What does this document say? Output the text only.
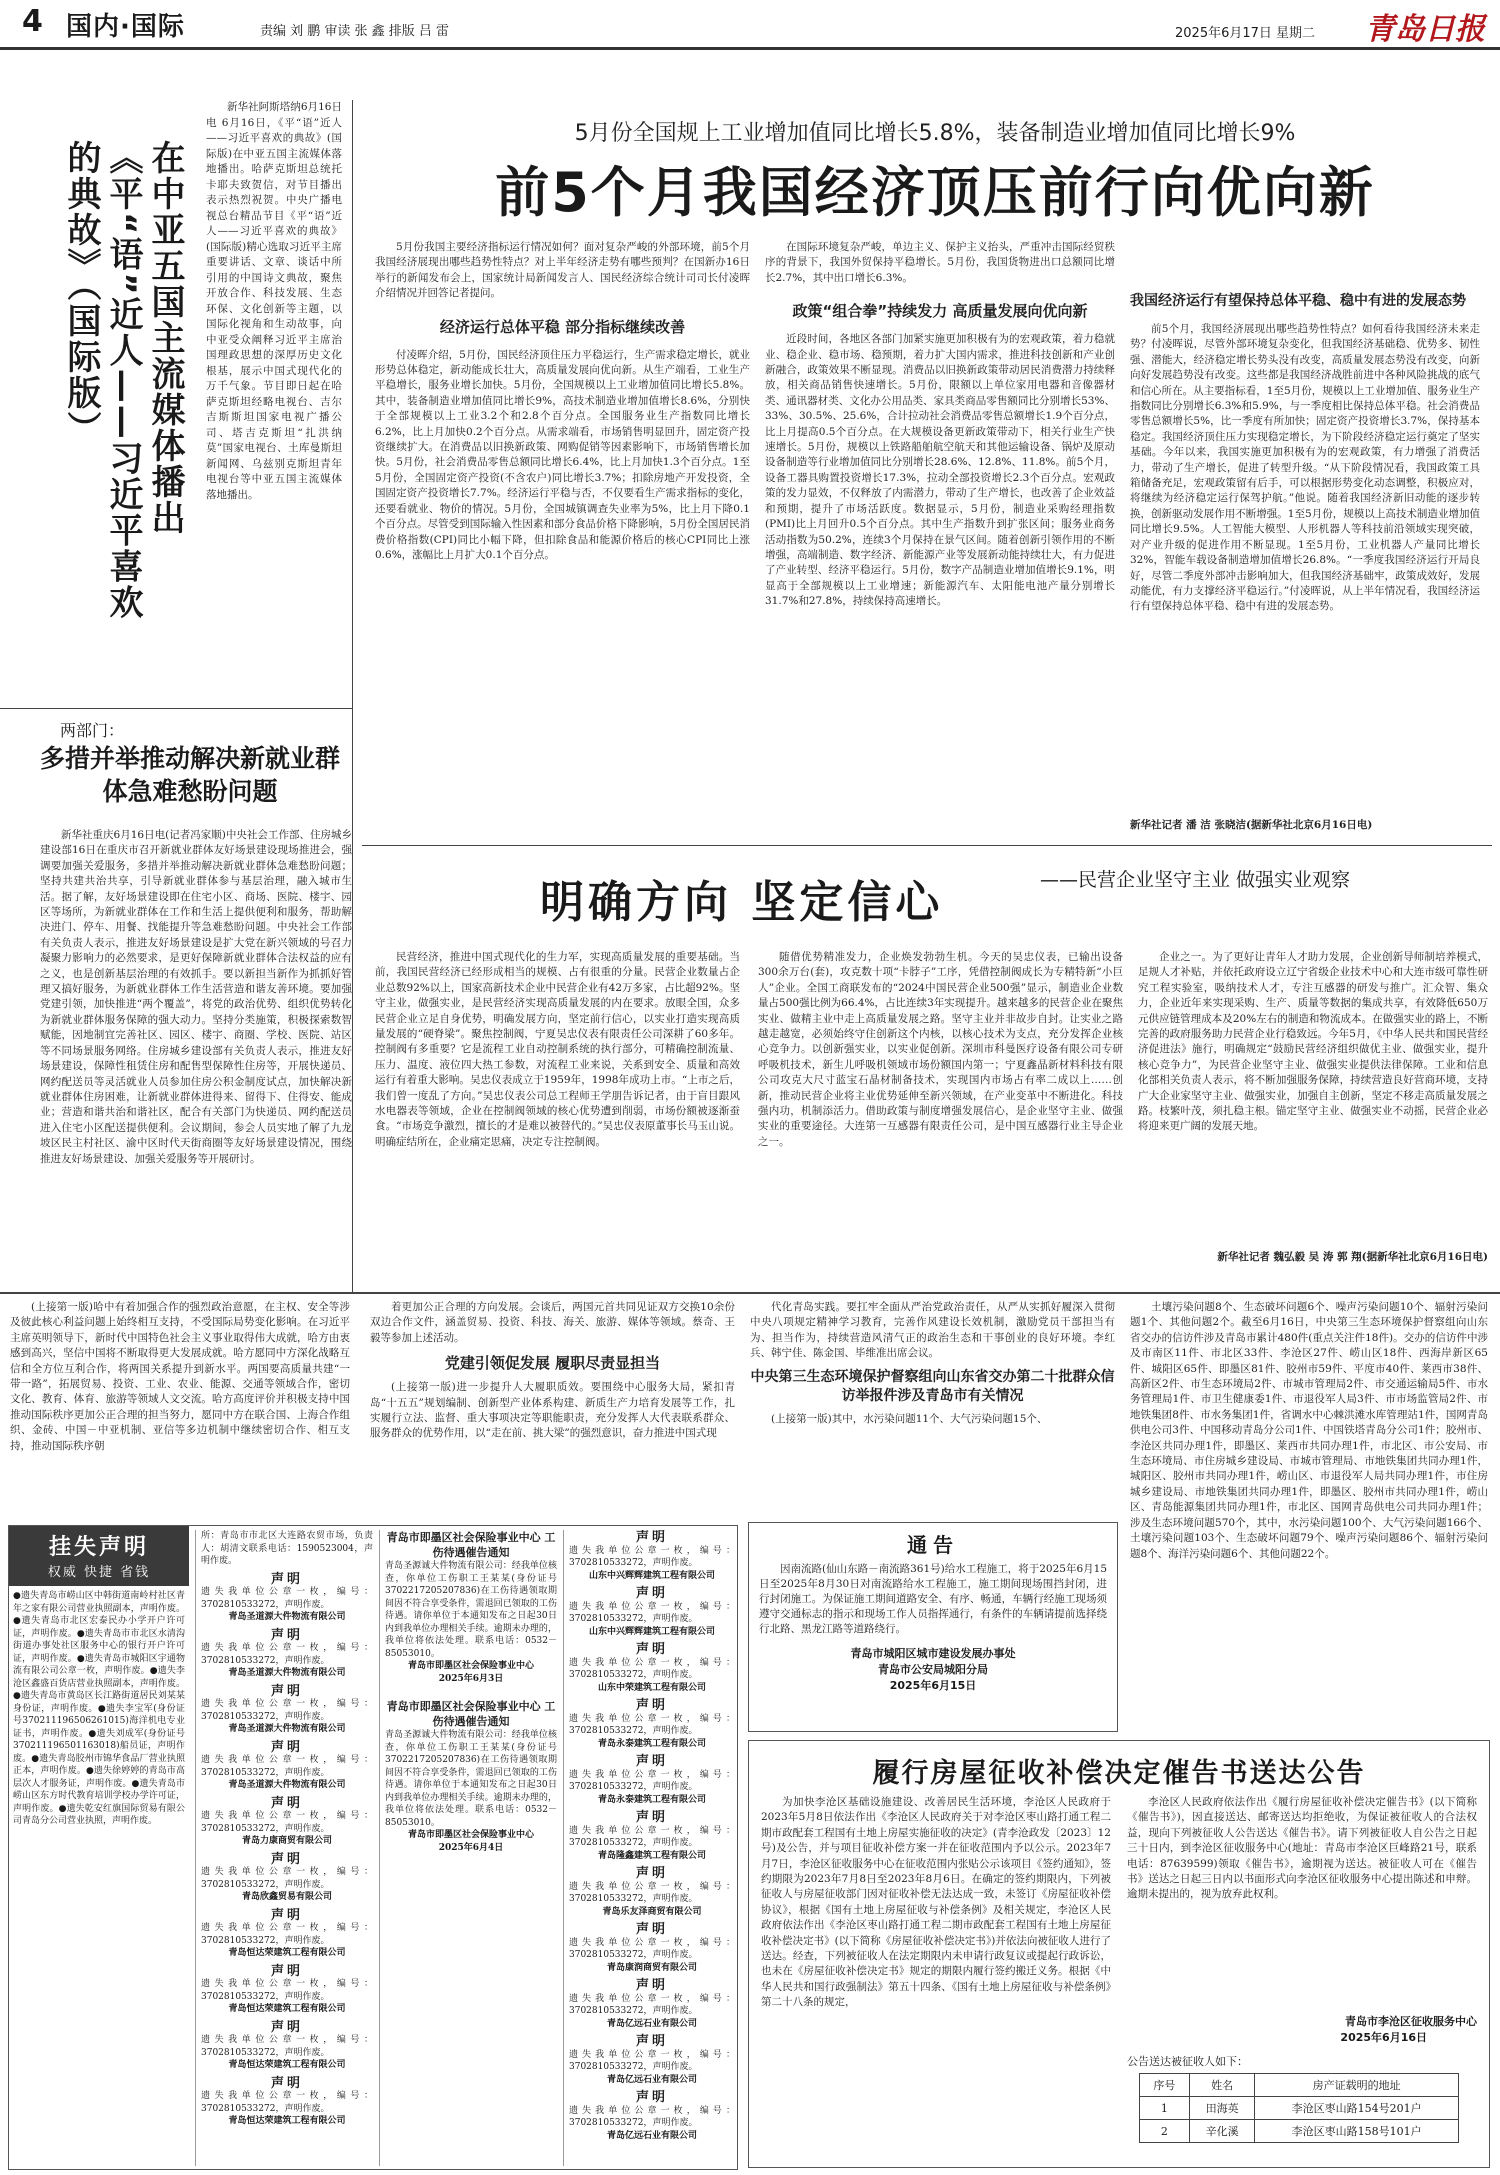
4 国内·国际	责编 刘 鹏 审读 张 鑫 排版 吕 雷	2025年6月17日 星期二 青岛日报
在中亚五国主流媒体播出《平“语”近人——习近平喜欢的典故》（国际版）

新华社阿斯塔纳6月16日电 6月16日，《平“语”近人——习近平喜欢的典故》(国际版)在中亚五国主流媒体落地播出。哈萨克斯坦总统托卡耶夫致贺信，对节目播出表示热烈祝贺。中央广播电视总台精品节目《平“语”近人——习近平喜欢的典故》(国际版)精心选取习近平主席重要讲话、文章、谈话中所引用的中国诗文典故，聚焦开放合作、科技发展、生态环保、文化创新等主题，以国际化视角和生动故事，向中亚受众阐释习近平主席治国理政思想的深厚历史文化根基，展示中国式现代化的万千气象。节目即日起在哈萨克斯坦经略电视台、吉尔吉斯斯坦国家电视广播公司、塔吉克斯坦“扎洪纳莫”国家电视台、土库曼斯坦新闻网、乌兹别克斯坦青年电视台等中亚五国主流媒体落地播出。

5月份全国规上工业增加值同比增长5.8%，装备制造业增加值同比增长9%
前5个月我国经济顶压前行向优向新

5月份我国主要经济指标运行情况如何？面对复杂严峻的外部环境，前5个月我国经济展现出哪些趋势性特点？对上半年经济走势有哪些预判？在国新办16日举行的新闻发布会上，国家统计局新闻发言人、国民经济综合统计司司长付凌晖介绍情况并回答记者提问。

经济运行总体平稳 部分指标继续改善

付凌晖介绍，5月份，国民经济顶住压力平稳运行，生产需求稳定增长，就业形势总体稳定，新动能成长壮大，高质量发展向优向新。从生产端看，工业生产平稳增长，服务业增长加快。5月份，全国规模以上工业增加值同比增长5.8%。其中，装备制造业增加值同比增长9%，高技术制造业增加值增长8.6%，分别快于全部规模以上工业3.2个和2.8个百分点。全国服务业生产指数同比增长6.2%，比上月加快0.2个百分点。从需求端看，市场销售明显回升，固定资产投资继续扩大。在消费品以旧换新政策、网购促销等因素影响下，市场销售增长加快。5月份，社会消费品零售总额同比增长6.4%，比上月加快1.3个百分点。1至5月份，全国固定资产投资(不含农户)同比增长3.7%；扣除房地产开发投资，全国固定资产投资增长7.7%。经济运行平稳与否，不仅要看生产需求指标的变化，还要看就业、物价的情况。5月份，全国城镇调查失业率为5%，比上月下降0.1个百分点。尽管受到国际输入性因素和部分食品价格下降影响，5月份全国居民消费价格指数(CPI)同比小幅下降，但扣除食品和能源价格后的核心CPI同比上涨0.6%，涨幅比上月扩大0.1个百分点。

在国际环境复杂严峻，单边主义、保护主义抬头，严重冲击国际经贸秩序的背景下，我国外贸保持平稳增长。5月份，我国货物进出口总额同比增长2.7%，其中出口增长6.3%。

政策“组合拳”持续发力 高质量发展向优向新

近段时间，各地区各部门加紧实施更加积极有为的宏观政策，着力稳就业、稳企业、稳市场、稳预期，着力扩大国内需求，推进科技创新和产业创新融合，政策效果不断显现。消费品以旧换新政策带动居民消费潜力持续释放，相关商品销售快速增长。5月份，限额以上单位家用电器和音像器材类、通讯器材类、文化办公用品类、家具类商品零售额同比分别增长53%、33%、30.5%、25.6%，合计拉动社会消费品零售总额增长1.9个百分点，比上月提高0.5个百分点。在大规模设备更新政策带动下，相关行业生产快速增长。5月份，规模以上铁路船舶航空航天和其他运输设备、锅炉及原动设备制造等行业增加值同比分别增长28.6%、12.8%、11.8%。前5个月，设备工器具购置投资增长17.3%，拉动全部投资增长2.3个百分点。宏观政策的发力显效，不仅释放了内需潜力，带动了生产增长，也改善了企业效益和预期，提升了市场活跃度。数据显示，5月份，制造业采购经理指数(PMI)比上月回升0.5个百分点。其中生产指数升到扩张区间；服务业商务活动指数为50.2%，连续3个月保持在景气区间。随着创新引领作用的不断增强，高端制造、数字经济、新能源产业等发展新动能持续壮大，有力促进了产业转型、经济平稳运行。5月份，数字产品制造业增加值增长9.1%，明显高于全部规模以上工业增速；新能源汽车、太阳能电池产量分别增长31.7%和27.8%，持续保持高速增长。

我国经济运行有望保持总体平稳、稳中有进的发展态势

前5个月，我国经济展现出哪些趋势性特点？如何看待我国经济未来走势？付凌晖说，尽管外部环境复杂变化，但我国经济基础稳、优势多、韧性强、潜能大，经济稳定增长势头没有改变，高质量发展态势没有改变，向新向好发展趋势没有改变。这些都是我国经济战胜前进中各种风险挑战的底气和信心所在。从主要指标看，1至5月份，规模以上工业增加值、服务业生产指数同比分别增长6.3%和5.9%，与一季度相比保持总体平稳。社会消费品零售总额增长5%，比一季度有所加快；固定资产投资增长3.7%，保持基本稳定。我国经济顶住压力实现稳定增长，为下阶段经济稳定运行奠定了坚实基础。今年以来，我国实施更加积极有为的宏观政策，有力增强了消费活力，带动了生产增长，促进了转型升级。“从下阶段情况看，我国政策工具箱储备充足，宏观政策留有后手，可以根据形势变化动态调整，积极应对，将继续为经济稳定运行保驾护航。”他说。随着我国经济新旧动能的逐步转换，创新驱动发展作用不断增强。1至5月份，规模以上高技术制造业增加值同比增长9.5%。人工智能大模型、人形机器人等科技前沿领域实现突破，对产业升级的促进作用不断显现。1至5月份，工业机器人产量同比增长32%，智能车载设备制造增加值增长26.8%。“一季度我国经济运行开局良好，尽管二季度外部冲击影响加大，但我国经济基础牢，政策成效好，发展动能优，有力支撑经济平稳运行。”付凌晖说，从上半年情况看，我国经济运行有望保持总体平稳、稳中有进的发展态势。

新华社记者 潘 洁 张晓洁(据新华社北京6月16日电)
两部门：
多措并举推动解决新就业群体急难愁盼问题

新华社重庆6月16日电(记者冯家顺)中央社会工作部、住房城乡建设部16日在重庆市召开新就业群体友好场景建设现场推进会，强调要加强关爱服务，多措并举推动解决新就业群体急难愁盼问题；坚持共建共治共享，引导新就业群体参与基层治理，融入城市生活。据了解，友好场景建设即在住宅小区、商场、医院、楼宇、园区等场所，为新就业群体在工作和生活上提供便利和服务，帮助解决进门、停车、用餐、找能提升等急难愁盼问题。中央社会工作部有关负责人表示，推进友好场景建设是扩大党在新兴领域的号召力凝聚力影响力的必然要求，是更好保障新就业群体合法权益的应有之义，也是创新基层治理的有效抓手。要以新担当新作为抓抓好管理又搞好服务，为新就业群体工作生活营造和谐友善环境。要加强党建引领，加快推进“两个覆盖”，将党的政治优势、组织优势转化为新就业群体服务保障的强大动力。坚持分类施策，积极探索数智赋能，因地制宜完善社区、园区、楼宇、商圈、学校、医院、站区等不同场景服务网络。住房城乡建设部有关负责人表示，推进友好场景建设，保障性租赁住房和配售型保障性住房等，开展快递员、网约配送员等灵活就业人员参加住房公积金制度试点，加快解决新就业群体住房困难，让新就业群体进得来、留得下、住得安、能成业；营造和谐共治和谐社区，配合有关部门为快递员、网约配送员进入住宅小区配送提供便利。会议期间，参会人员实地了解了九龙坡区民主村社区、渝中区时代天街商圈等友好场景建设情况，围绕推进友好场景建设、加强关爱服务等开展研讨。

明确方向 坚定信心	——民营企业坚守主业 做强实业观察

民营经济，推进中国式现代化的生力军，实现高质量发展的重要基础。当前，我国民营经济已经形成相当的规模、占有很重的分量。民营企业数量占企业总数92%以上，国家高新技术企业中民营企业有42万多家，占比超92%。坚守主业，做强实业，是民营经济实现高质量发展的内在要求。放眼全国，众多民营企业立足自身优势，明确发展方向，坚定前行信心，以实业打造实现高质量发展的“硬脊梁”。聚焦控制阀，宁夏吴忠仪表有限责任公司深耕了60多年。控制阀有多重要？它是流程工业自动控制系统的执行部分，可精确控制流量、压力、温度、液位四大热工参数，对流程工业来说，关系到安全、质量和高效运行有着重大影响。吴忠仪表成立于1959年，1998年成功上市。“上市之后，我们曾一度乱了方向。”吴忠仪表公司总工程师王学朋告诉记者，由于盲目跟风水电器表等领域，企业在控制阀领域的核心优势遭到削弱，市场份额被逐渐蚕食。“市场竞争激烈，擅长的才是难以被替代的。”吴忠仪表原董事长马玉山说。明确症结所在，企业痛定思痛，决定专注控制阀。

随借优势精准发力，企业焕发勃勃生机。今天的吴忠仪表，已输出设备300余万台(套)，攻克数十项“卡脖子”工序，凭借控制阀成长为专精特新“小巨人”企业。全国工商联发布的“2024中国民营企业500强”显示，制造业企业数量占500强比例为66.4%，占比连续3年实现提升。越来越多的民营企业在聚焦实业、做精主业中走上高质量发展之路。坚守主业并非故步自封。让实业之路越走越宽，必须始终守住创新这个内核，以核心技术为支点，充分发挥企业核心竞争力。以创新强实业，以实业促创新。深圳市科曼医疗设备有限公司专研呼吸机技术，新生儿呼吸机领域市场份额国内第一；宁夏鑫晶新材料科技有限公司攻克大尺寸蓝宝石晶材制备技术，实现国内市场占有率二成以上……创新，推动民营企业将主业优势延伸至新兴领域，在产业变革中不断进化。科技强内功，机制添活力。借助政策与制度增强发展信心，是企业坚守主业、做强实业的重要途径。大连第一互感器有限责任公司，是中国互感器行业主导企业之一。

企业之一。为了更好让青年人才助力发展，企业创新导师制培养模式，足规人才补贴，并依托政府设立辽宁省级企业技术中心和大连市级可靠性研究工程实验室，吸纳技术人才，专注互感器的研发与推广。汇众智、集众力，企业近年来实现采购、生产、质量等数据的集成共享，有效降低650万元供应链管理成本及20%左右的制造和物流成本。在做强实业的路上，不断完善的政府服务助力民营企业行稳致远。今年5月，《中华人民共和国民营经济促进法》施行，明确规定“鼓励民营经济组织做优主业、做强实业，提升核心竞争力”，为民营企业坚守主业、做强实业提供法律保障。工业和信息化部相关负责人表示，将不断加强服务保障，持续营造良好营商环境，支持广大企业家坚守主业、做强实业，加强自主创新，坚定不移走高质量发展之路。枝繁叶茂，须扎稳主根。锚定坚守主业、做强实业不动摇，民营企业必将迎来更广阔的发展天地。

新华社记者 魏弘毅 吴 涛 郭 翔(据新华社北京6月16日电)

(上接第一版)哈中有着加强合作的强烈政治意愿，在主权、安全等涉及彼此核心利益问题上始终相互支持，不受国际局势变化影响。在习近平主席英明领导下，新时代中国特色社会主义事业取得伟大成就，哈方由衷感到高兴，坚信中国将不断取得更大发展成就。哈方愿同中方深化战略互信和全方位互利合作，将两国关系提升到新水平。两国要高质量共建“一带一路”，拓展贸易、投资、工业、农业、能源、交通等领域合作，密切文化、教育、体育、旅游等领域人文交流。哈方高度评价并积极支持中国推动国际秩序更加公正合理的担当努力，愿同中方在联合国、上海合作组织、金砖、中国－中亚机制、亚信等多边机制中继续密切合作、相互支持，推动国际秩序朝

着更加公正合理的方向发展。会谈后，两国元首共同见证双方交换10余份双边合作文件，涵盖贸易、投资、科技、海关、旅游、媒体等领域。蔡奇、王毅等参加上述活动。

党建引领促发展 履职尽责显担当

(上接第一版)进一步提升人大履职质效。要围绕中心服务大局，紧扣青岛“十五五”规划编制、创新型产业体系构建、新质生产力培育发展等工作，扎实履行立法、监督、重大事项决定等职能职责，充分发挥人大代表联系群众、服务群众的优势作用，以“走在前、挑大梁”的强烈意识，奋力推进中国式现

代化青岛实践。要扛牢全面从严治党政治责任，从严从实抓好履深入贯彻中央八项规定精神学习教育，完善作风建设长效机制，激励党员干部担当有为、担当作为，持续营造风清气正的政治生态和干事创业的良好环境。李红兵、韩宁佳、陈金国、毕维准出席会议。

中央第三生态环境保护督察组向山东省交办第二十批群众信访举报件涉及青岛市有关情况

(上接第一版)其中，水污染问题11个、大气污染问题15个、

土壤污染问题8个、生态破坏问题6个、噪声污染问题10个、辐射污染问题1个、其他问题2个。截至6月16日，中央第三生态环境保护督察组向山东省交办的信访件涉及青岛市累计480件(重点关注件18件)。交办的信访件中涉及市南区11件、市北区33件、李沧区27件、崂山区18件、西海岸新区65件、城阳区65件、即墨区81件、胶州市59件、平度市40件、莱西市38件、高新区2件、市生态环境局2件、市城市管理局2件、市交通运输局5件、市水务管理局1件、市卫生健康委1件、市退役军人局3件、市市场监管局2件、市地铁集团8件、市水务集团1件，省调水中心棘洪滩水库管理站1件，国网青岛供电公司3件、中国移动青岛分公司1件、中国铁塔青岛分公司1件；胶州市、李沧区共同办理1件，即墨区、莱西市共同办理1件，市北区、市公安局、市生态环境局、市住房城乡建设局、市城市管理局、市地铁集团共同办理1件，城阳区、胶州市共同办理1件，崂山区、市退役军人局共同办理1件，市住房城乡建设局、市地铁集团共同办理1件，即墨区、胶州市共同办理1件，崂山区、青岛能源集团共同办理1件，市北区、国网青岛供电公司共同办理1件；涉及生态环境问题570个，其中，水污染问题100个、大气污染问题166个、土壤污染问题103个、生态破坏问题79个、噪声污染问题86个、辐射污染问题8个、海洋污染问题6个、其他问题22个。

通告
因南流路(仙山东路－南流路361号)给水工程施工，将于2025年6月15日至2025年8月30日对南流路给水工程施工，施工期间现场围挡封闭，进行封闭施工。为保证施工期间道路安全、有序、畅通，车辆行经施工现场须遵守交通标志的指示和现场工作人员指挥通行，有条件的车辆请提前选择绕行北路、黑龙江路等道路绕行。
青岛市城阳区城市建设发展办事处
青岛市公安局城阳分局
2025年6月15日
履行房屋征收补偿决定催告书送达公告
为加快李沧区基础设施建设、改善居民生活环境，李沧区人民政府于2023年5月8日依法作出《李沧区人民政府关于对李沧区枣山路打通工程二期市政配套工程国有土地上房屋实施征收的决定》(青李沧政发〔2023〕12号)及公告，并与项目征收补偿方案一并在征收范围内予以公示。2023年7月7日，李沧区征收服务中心在征收范围内张贴公示该项目《签约通知》，签约期限为2023年7月8日至2023年8月6日。在确定的签约期限内，下列被征收人与房屋征收部门因对征收补偿无法达成一致，未签订《房屋征收补偿协议》，根据《国有土地上房屋征收与补偿条例》及相关规定，李沧区人民政府依法作出《李沧区枣山路打通工程二期市政配套工程国有土地上房屋征收补偿决定书》(以下简称《房屋征收补偿决定书》)并依法向被征收人进行了送达。经查，下列被征收人在法定期限内未申请行政复议或提起行政诉讼，也未在《房屋征收补偿决定书》规定的期限内履行签约搬迁义务。根据《中华人民共和国行政强制法》第五十四条、《国有土地上房屋征收与补偿条例》第二十八条的规定，
李沧区人民政府依法作出《履行房屋征收补偿决定催告书》(以下简称《催告书》)，因直接送达、邮寄送达均拒绝收，为保证被征收人的合法权益，现向下列被征收人公告送达《催告书》。请下列被征收人自公告之日起三十日内，到李沧区征收服务中心(地址：青岛市李沧区巨峰路21号，联系电话：87639599)领取《催告书》，逾期视为送达。被征收人可在《催告书》送达之日起三日内以书面形式向李沧区征收服务中心提出陈述和申辩。逾期未提出的，视为放弃此权利。
青岛市李沧区征收服务中心
2025年6月16日
公告送达被征收人如下：
序号	姓名	房产证载明的地址
1	田海英	李沧区枣山路154号201户
2	辛化溪	李沧区枣山路158号101户
挂失声明
权威 快捷 省钱
●遗失青岛市崂山区中韩街道南岭村社区青年之家有限公司营业执照副本，声明作废。●遗失青岛市北区宏泰民办小学开户许可证，声明作废。●遗失青岛市市北区水清沟街道办事处社区服务中心的银行开户许可证，声明作废。●遗失青岛市城阳区宇通物流有限公司公章一枚，声明作废。●遗失李沧区鑫盛百货店营业执照副本，声明作废。●遗失青岛市黄岛区长江路街道居民刘某某身份证，声明作废。●遗失李宝军(身份证号370211196506261015)海洋机电专业证书，声明作废。●遗失刘成军(身份证号370211196501163018)船员证，声明作废。●遗失青岛胶州市锦华食品厂营业执照正本，声明作废。●遗失徐婷婷的青岛市高层次人才服务证，声明作废。●遗失青岛市崂山区东方时代教育培训学校办学许可证，声明作废。●遗失乾安红旗国际贸易有限公司青岛分公司营业执照，声明作废。
所：青岛市市北区大连路农贸市场，负责人：胡清文联系电话：1590523004，声明作废。
声明
遗失我单位公章一枚，编号：3702810533272，声明作废。
青岛圣道源大件物流有限公司
声明
遗失我单位公章一枚，编号：3702810533272，声明作废。
青岛圣道源大件物流有限公司
声明
遗失我单位公章一枚，编号：3702810533272，声明作废。
青岛圣道源大件物流有限公司
声明
遗失我单位公章一枚，编号：3702810533272，声明作废。
青岛圣道源大件物流有限公司
声明
遗失我单位公章一枚，编号：3702810533272，声明作废。
青岛力康商贸有限公司
声明
遗失我单位公章一枚，编号：3702810533272，声明作废。
青岛欣鑫贸易有限公司
声明
遗失我单位公章一枚，编号：3702810533272，声明作废。
青岛恒达荣建筑工程有限公司
声明
遗失我单位公章一枚，编号：3702810533272，声明作废。
青岛恒达荣建筑工程有限公司
声明
遗失我单位公章一枚，编号：3702810533272，声明作废。
青岛恒达荣建筑工程有限公司
声明
遗失我单位公章一枚，编号：3702810533272，声明作废。
青岛恒达荣建筑工程有限公司
青岛市即墨区社会保险事业中心 工伤待遇催告通知
青岛圣源诚大件物流有限公司：经我单位核查，你单位工伤职工王某某(身份证号3702217205207836)在工伤待遇领取期间因不符合享受条件，需退回已领取的工伤待遇。请你单位于本通知发布之日起30日内到我单位办理相关手续。逾期未办理的，我单位将依法处理。联系电话：0532－85053010。
青岛市即墨区社会保险事业中心
2025年6月3日
青岛市即墨区社会保险事业中心 工伤待遇催告通知
青岛圣源诚大件物流有限公司：经我单位核查，你单位工伤职工王某某(身份证号3702217205207836)在工伤待遇领取期间因不符合享受条件，需退回已领取的工伤待遇。请你单位于本通知发布之日起30日内到我单位办理相关手续。逾期未办理的，我单位将依法处理。联系电话：0532－85053010。
青岛市即墨区社会保险事业中心
2025年6月4日
声明
遗失我单位公章一枚，编号：3702810533272，声明作废。
山东中兴辉辉建筑工程有限公司
声明
遗失我单位公章一枚，编号：3702810533272，声明作废。
山东中兴辉辉建筑工程有限公司
声明
遗失我单位公章一枚，编号：3702810533272，声明作废。
山东中荣建筑工程有限公司
声明
遗失我单位公章一枚，编号：3702810533272，声明作废。
青岛永泰建筑工程有限公司
声明
遗失我单位公章一枚，编号：3702810533272，声明作废。
青岛永泰建筑工程有限公司
声明
遗失我单位公章一枚，编号：3702810533272，声明作废。
青岛隆鑫建筑工程有限公司
声明
遗失我单位公章一枚，编号：3702810533272，声明作废。
青岛乐友泽商贸有限公司
声明
遗失我单位公章一枚，编号：3702810533272，声明作废。
青岛康润商贸有限公司
声明
遗失我单位公章一枚，编号：3702810533272，声明作废。
青岛亿远石业有限公司
声明
遗失我单位公章一枚，编号：3702810533272，声明作废。
青岛亿远石业有限公司
声明
遗失我单位公章一枚，编号：3702810533272，声明作废。
青岛亿远石业有限公司
